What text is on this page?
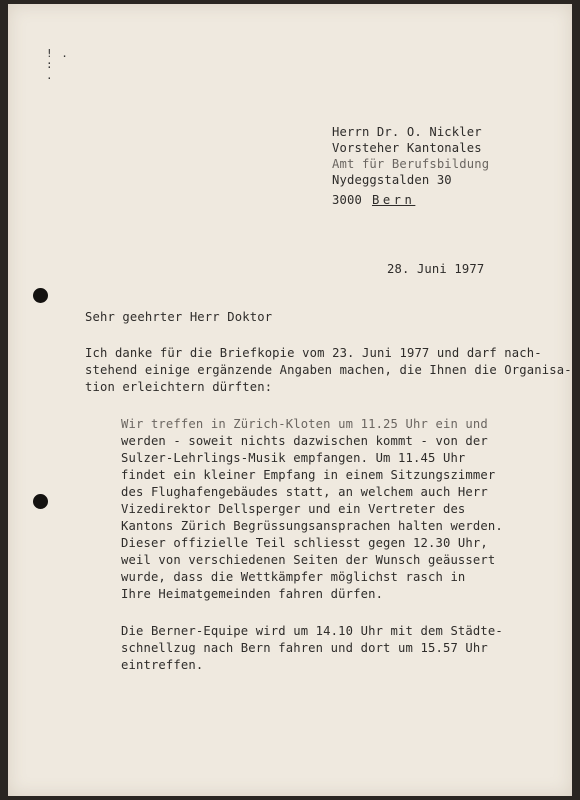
! .
:
.
Herrn Dr. O. Nickler
Vorsteher Kantonales
Amt für Berufsbildung
Nydeggstalden 30
3000 Bern
28. Juni 1977
Sehr geehrter Herr Doktor
Ich danke für die Briefkopie vom 23. Juni 1977 und darf nach-
stehend einige ergänzende Angaben machen, die Ihnen die Organisa-
tion erleichtern dürften:
Wir treffen in Zürich-Kloten um 11.25 Uhr ein und
werden - soweit nichts dazwischen kommt - von der
Sulzer-Lehrlings-Musik empfangen. Um 11.45 Uhr
findet ein kleiner Empfang in einem Sitzungszimmer
des Flughafengebäudes statt, an welchem auch Herr
Vizedirektor Dellsperger und ein Vertreter des
Kantons Zürich Begrüssungsansprachen halten werden.
Dieser offizielle Teil schliesst gegen 12.30 Uhr,
weil von verschiedenen Seiten der Wunsch geäussert
wurde, dass die Wettkämpfer möglichst rasch in
Ihre Heimatgemeinden fahren dürfen.
Die Berner-Equipe wird um 14.10 Uhr mit dem Städte-
schnellzug nach Bern fahren und dort um 15.57 Uhr
eintreffen.
